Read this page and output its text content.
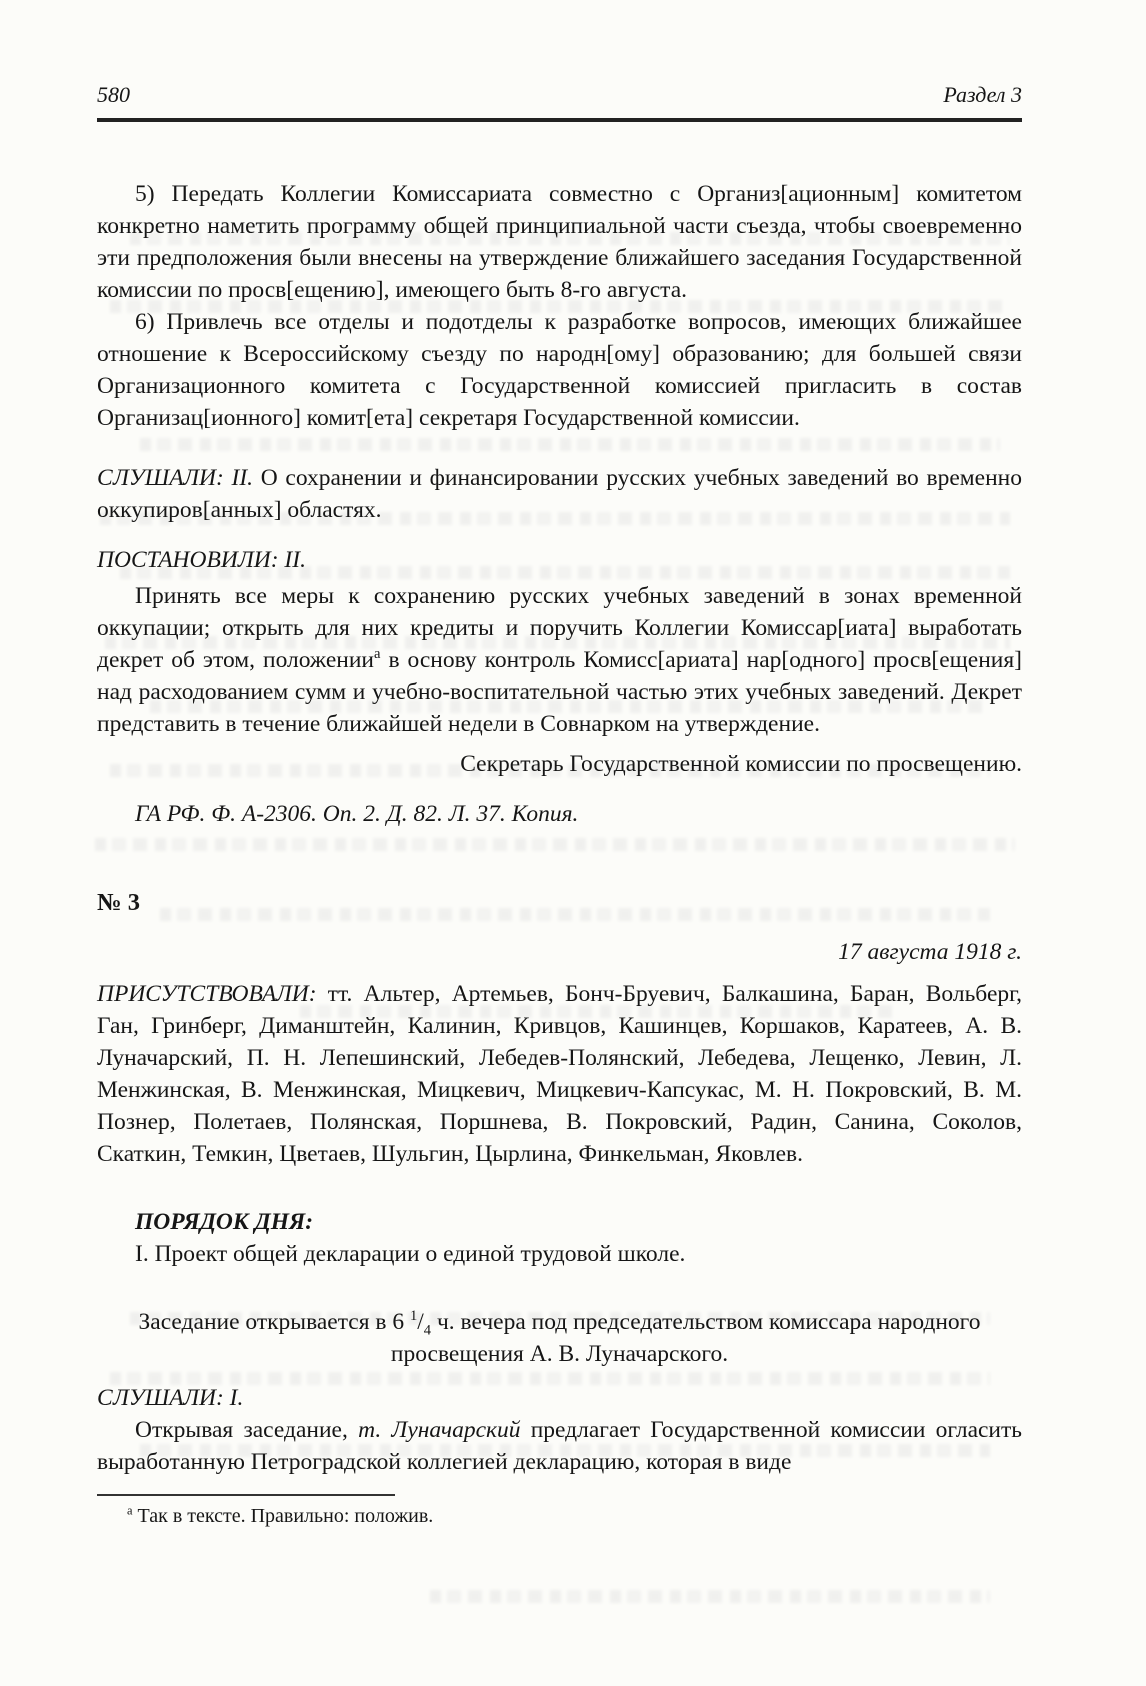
580	Раздел 3

5) Передать Коллегии Комиссариата совместно с Организ[ационным] комитетом конкретно наметить программу общей принципиальной части съезда, чтобы своевременно эти предположения были внесены на утверждение ближайшего заседания Государственной комиссии по просв[ещению], имеющего быть 8-го августа.

6) Привлечь все отделы и подотделы к разработке вопросов, имеющих ближайшее отношение к Всероссийскому съезду по народн[ому] образованию; для большей связи Организационного комитета с Государственной комиссией пригласить в состав Организац[ионного] комит[ета] секретаря Государственной комиссии.

СЛУШАЛИ: II. О сохранении и финансировании русских учебных заведений во временно оккупиров[анных] областях.

ПОСТАНОВИЛИ: II.

Принять все меры к сохранению русских учебных заведений в зонах временной оккупации; открыть для них кредиты и поручить Коллегии Комиссар[иата] выработать декрет об этом, положении$^а$ в основу контроль Комисс[ариата] нар[одного] просв[ещения] над расходованием сумм и учебно-воспитательной частью этих учебных заведений. Декрет представить в течение ближайшей недели в Совнарком на утверждение.

Секретарь Государственной комиссии по просвещению.

ГА РФ. Ф. А-2306. Оп. 2. Д. 82. Л. 37. Копия.

№ 3

17 августа 1918 г.

ПРИСУТСТВОВАЛИ: тт. Альтер, Артемьев, Бонч-Бруевич, Балкашина, Баран, Вольберг, Ган, Гринберг, Диманштейн, Калинин, Кривцов, Кашинцев, Коршаков, Каратеев, А. В. Луначарский, П. Н. Лепешинский, Лебедев-Полянский, Лебедева, Лещенко, Левин, Л. Менжинская, В. Менжинская, Мицкевич, Мицкевич-Капсукас, М. Н. Покровский, В. М. Познер, Полетаев, Полянская, Поршнева, В. Покровский, Радин, Санина, Соколов, Скаткин, Темкин, Цветаев, Шульгин, Цырлина, Финкельман, Яковлев.

ПОРЯДОК ДНЯ:

I. Проект общей декларации о единой трудовой школе.

Заседание открывается в 6 $^1/_4$ ч. вечера под председательством комиссара народного просвещения А. В. Луначарского.

СЛУШАЛИ: I.

Открывая заседание, т. Луначарский предлагает Государственной комиссии огласить выработанную Петроградской коллегией декларацию, которая в виде

$^а$ Так в тексте. Правильно: положив.
